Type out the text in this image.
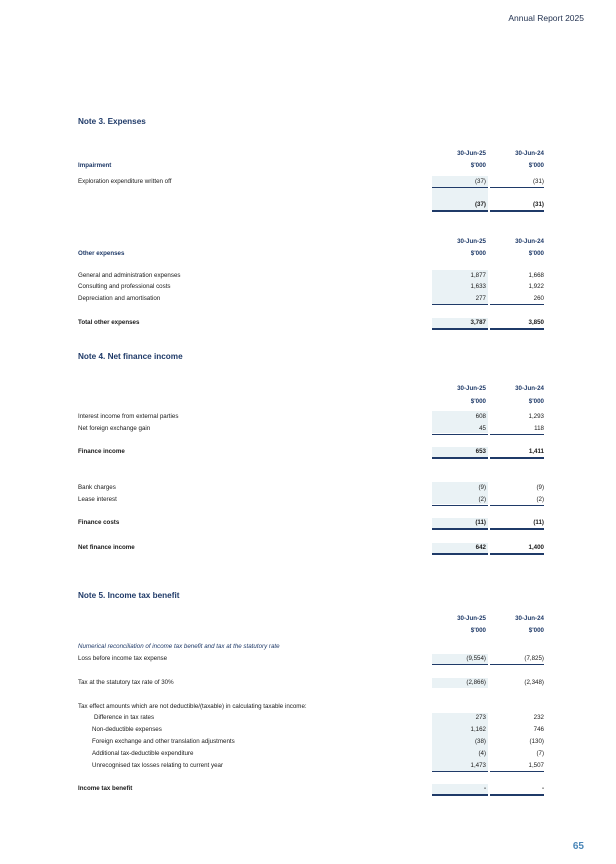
Annual Report 2025
Note 3. Expenses
30-Jun-25	30-Jun-24
Impairment	$'000	$'000
Exploration expenditure written off	(37)	(31)
(37)	(31)
30-Jun-25	30-Jun-24
Other expenses	$'000	$'000
General and administration expenses	1,877	1,668
Consulting and professional costs	1,633	1,922
Depreciation and amortisation	277	260
Total other expenses	3,787	3,850
Note 4. Net finance income
30-Jun-25	30-Jun-24
$'000	$'000
Interest income from external parties	608	1,293
Net foreign exchange gain	45	118
Finance income	653	1,411
Bank charges	(9)	(9)
Lease interest	(2)	(2)
Finance costs	(11)	(11)
Net finance income	642	1,400
Note 5. Income tax benefit
30-Jun-25	30-Jun-24
$'000	$'000
Numerical reconciliation of income tax benefit and tax at the statutory rate
Loss before income tax expense	(9,554)	(7,825)
Tax at the statutory tax rate of 30%	(2,866)	(2,348)
Tax effect amounts which are not deductible/(taxable) in calculating taxable income:
Difference in tax rates	273	232
Non-deductible expenses	1,162	746
Foreign exchange and other translation adjustments	(38)	(130)
Additional tax-deductible expenditure	(4)	(7)
Unrecognised tax losses relating to current year	1,473	1,507
Income tax benefit	-	-
65
